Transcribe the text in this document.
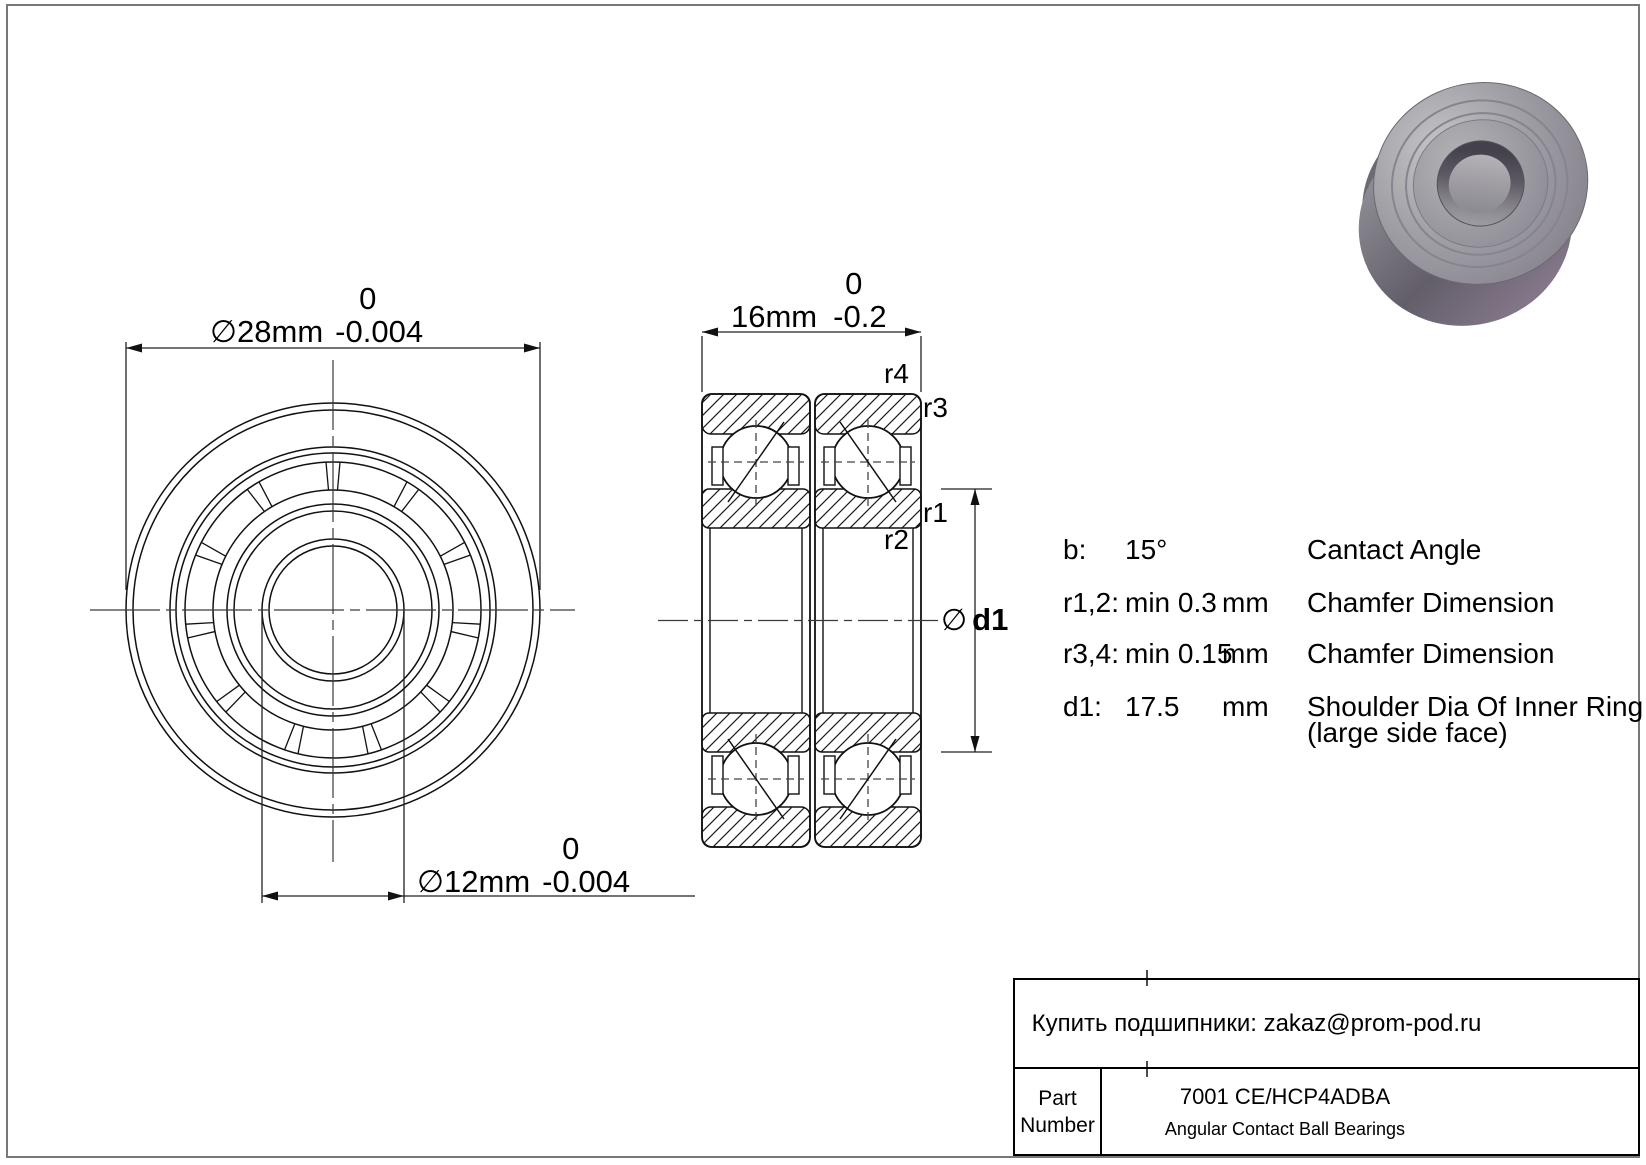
∅ 28mm
0
-0.004
∅ 12mm
0
-0.004
16mm
0
-0.2
r4
r3
r1
r2
∅ d1
b: 15°	Cantact Angle
r1,2: min 0.3 mm Chamfer Dimension
r3,4: min 0.15
mm Chamfer Dimension
d1: 17.5 mm Shoulder Dia Of Inner Ring
(large side face)
Купить подшипники: zakaz@prom-pod.ru
Part Number
7001 CE/HCP4ADBA
Angular Contact Ball Bearings
